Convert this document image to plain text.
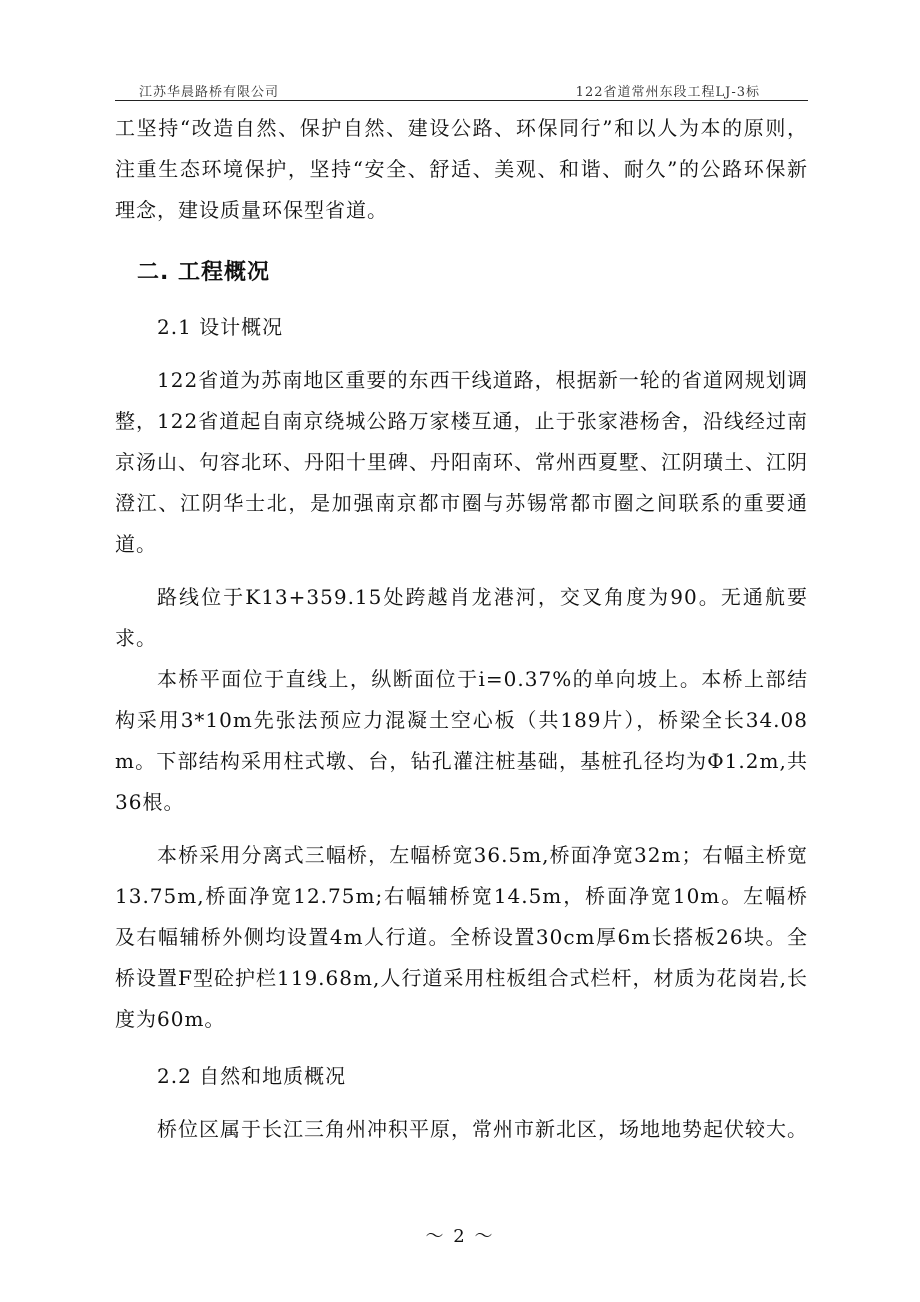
江苏华晨路桥有限公司	122省道常州东段工程LJ-3标

工坚持“改造自然、保护自然、建设公路、环保同行”和以人为本的原则，注重生态环境保护，坚持“安全、舒适、美观、和谐、耐久”的公路环保新理念，建设质量环保型省道。

二. 工程概况
2.1 设计概况

122省道为苏南地区重要的东西干线道路，根据新一轮的省道网规划调整，122省道起自南京绕城公路万家楼互通，止于张家港杨舍，沿线经过南京汤山、句容北环、丹阳十里碑、丹阳南环、常州西夏墅、江阴璜土、江阴澄江、江阴华士北，是加强南京都市圈与苏锡常都市圈之间联系的重要通道。

路线位于K13+359.15处跨越肖龙港河，交叉角度为90。无通航要求。

本桥平面位于直线上，纵断面位于i=0.37%的单向坡上。本桥上部结构采用3*10m先张法预应力混凝土空心板（共189片），桥梁全长34.08m。下部结构采用柱式墩、台，钻孔灌注桩基础，基桩孔径均为Φ1.2m,共36根。

本桥采用分离式三幅桥，左幅桥宽36.5m,桥面净宽32m；右幅主桥宽13.75m,桥面净宽12.75m;右幅辅桥宽14.5m，桥面净宽10m。左幅桥及右幅辅桥外侧均设置4m人行道。全桥设置30cm厚6m长搭板26块。全桥设置F型砼护栏119.68m,人行道采用柱板组合式栏杆，材质为花岗岩,长度为60m。

2.2 自然和地质概况

桥位区属于长江三角州冲积平原，常州市新北区，场地地势起伏较大。

～ 2 ～
